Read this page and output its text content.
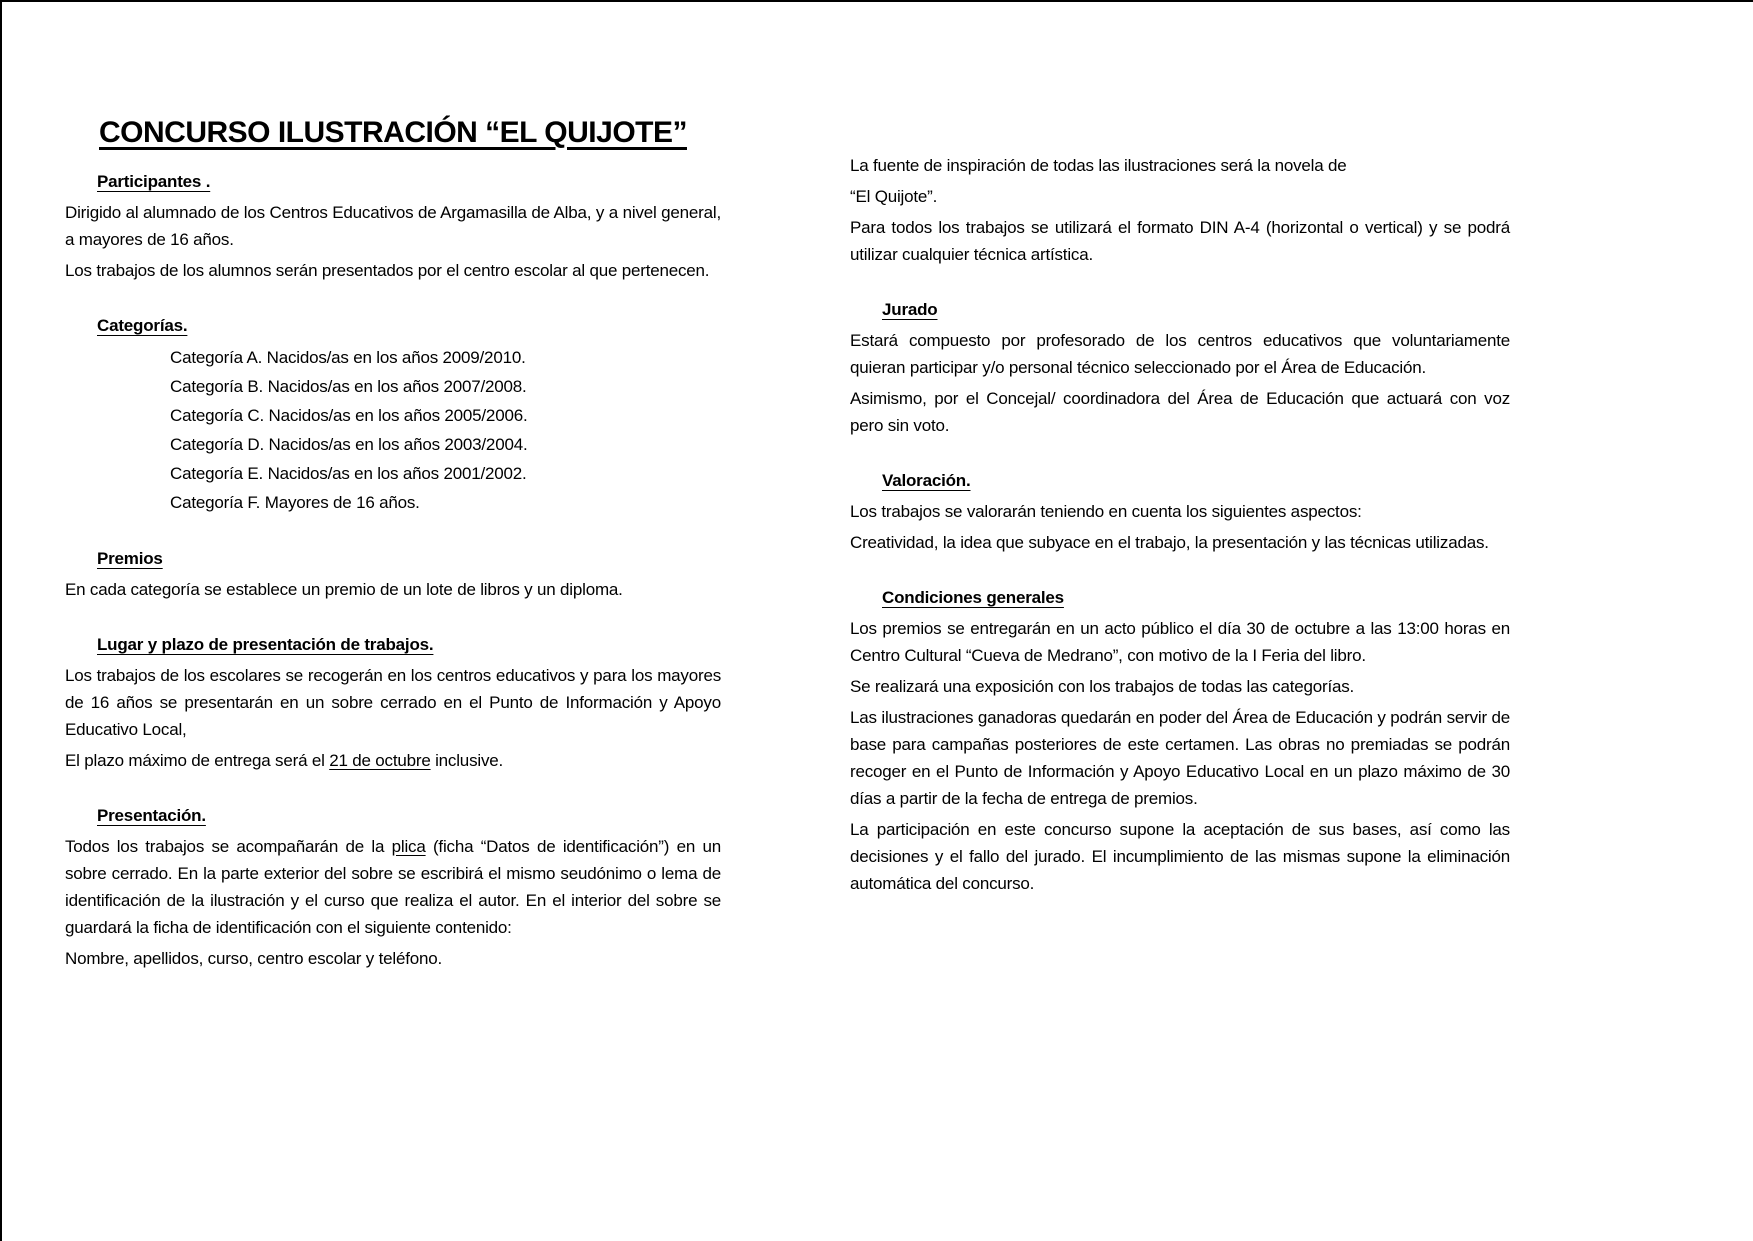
CONCURSO ILUSTRACIÓN “EL QUIJOTE”
Participantes .

Dirigido al alumnado de los Centros Educativos de Argamasilla de Alba, y a nivel general, a mayores de 16 años.

Los trabajos de los alumnos serán presentados por el centro escolar al que pertenecen.

Categorías.
Categoría A. Nacidos/as en los años 2009/2010.
Categoría B. Nacidos/as en los años 2007/2008.
Categoría C. Nacidos/as en los años 2005/2006.
Categoría D. Nacidos/as en los años 2003/2004.
Categoría E. Nacidos/as en los años 2001/2002.
Categoría F. Mayores de 16 años.
Premios

En cada categoría se establece un premio de un lote de libros y un diploma.

Lugar y plazo de presentación de trabajos.

Los trabajos de los escolares se recogerán en los centros educativos y para los mayores de 16 años se presentarán en un sobre cerrado en el Punto de Información y Apoyo Educativo Local,

El plazo máximo de entrega será el 21 de octubre inclusive.

Presentación.

Todos los trabajos se acompañarán de la plica (ficha “Datos de identificación”) en un sobre cerrado. En la parte exterior del sobre se escribirá el mismo seudónimo o lema de identificación de la ilustración y el curso que realiza el autor. En el interior del sobre se guardará la ficha de identificación con el siguiente contenido:

Nombre, apellidos, curso, centro escolar y teléfono.

La fuente de inspiración de todas las ilustraciones será la novela de

“El Quijote”.

Para todos los trabajos se utilizará el formato DIN A-4 (horizontal o vertical) y se podrá utilizar cualquier técnica artística.

Jurado

Estará compuesto por profesorado de los centros educativos que voluntariamente quieran participar y/o personal técnico seleccionado por el Área de Educación.

Asimismo, por el Concejal/ coordinadora del Área de Educación que actuará con voz pero sin voto.

Valoración.

Los trabajos se valorarán teniendo en cuenta los siguientes aspectos:

Creatividad, la idea que subyace en el trabajo, la presentación y las técnicas utilizadas.

Condiciones generales

Los premios se entregarán en un acto público el día 30 de octubre a las 13:00 horas en Centro Cultural “Cueva de Medrano”, con motivo de la I Feria del libro.

Se realizará una exposición con los trabajos de todas las categorías.

Las ilustraciones ganadoras quedarán en poder del Área de Educación y podrán servir de base para campañas posteriores de este certamen. Las obras no premiadas se podrán recoger en el Punto de Información y Apoyo Educativo Local en un plazo máximo de 30 días a partir de la fecha de entrega de premios.

La participación en este concurso supone la aceptación de sus bases, así como las decisiones y el fallo del jurado. El incumplimiento de las mismas supone la eliminación automática del concurso.
